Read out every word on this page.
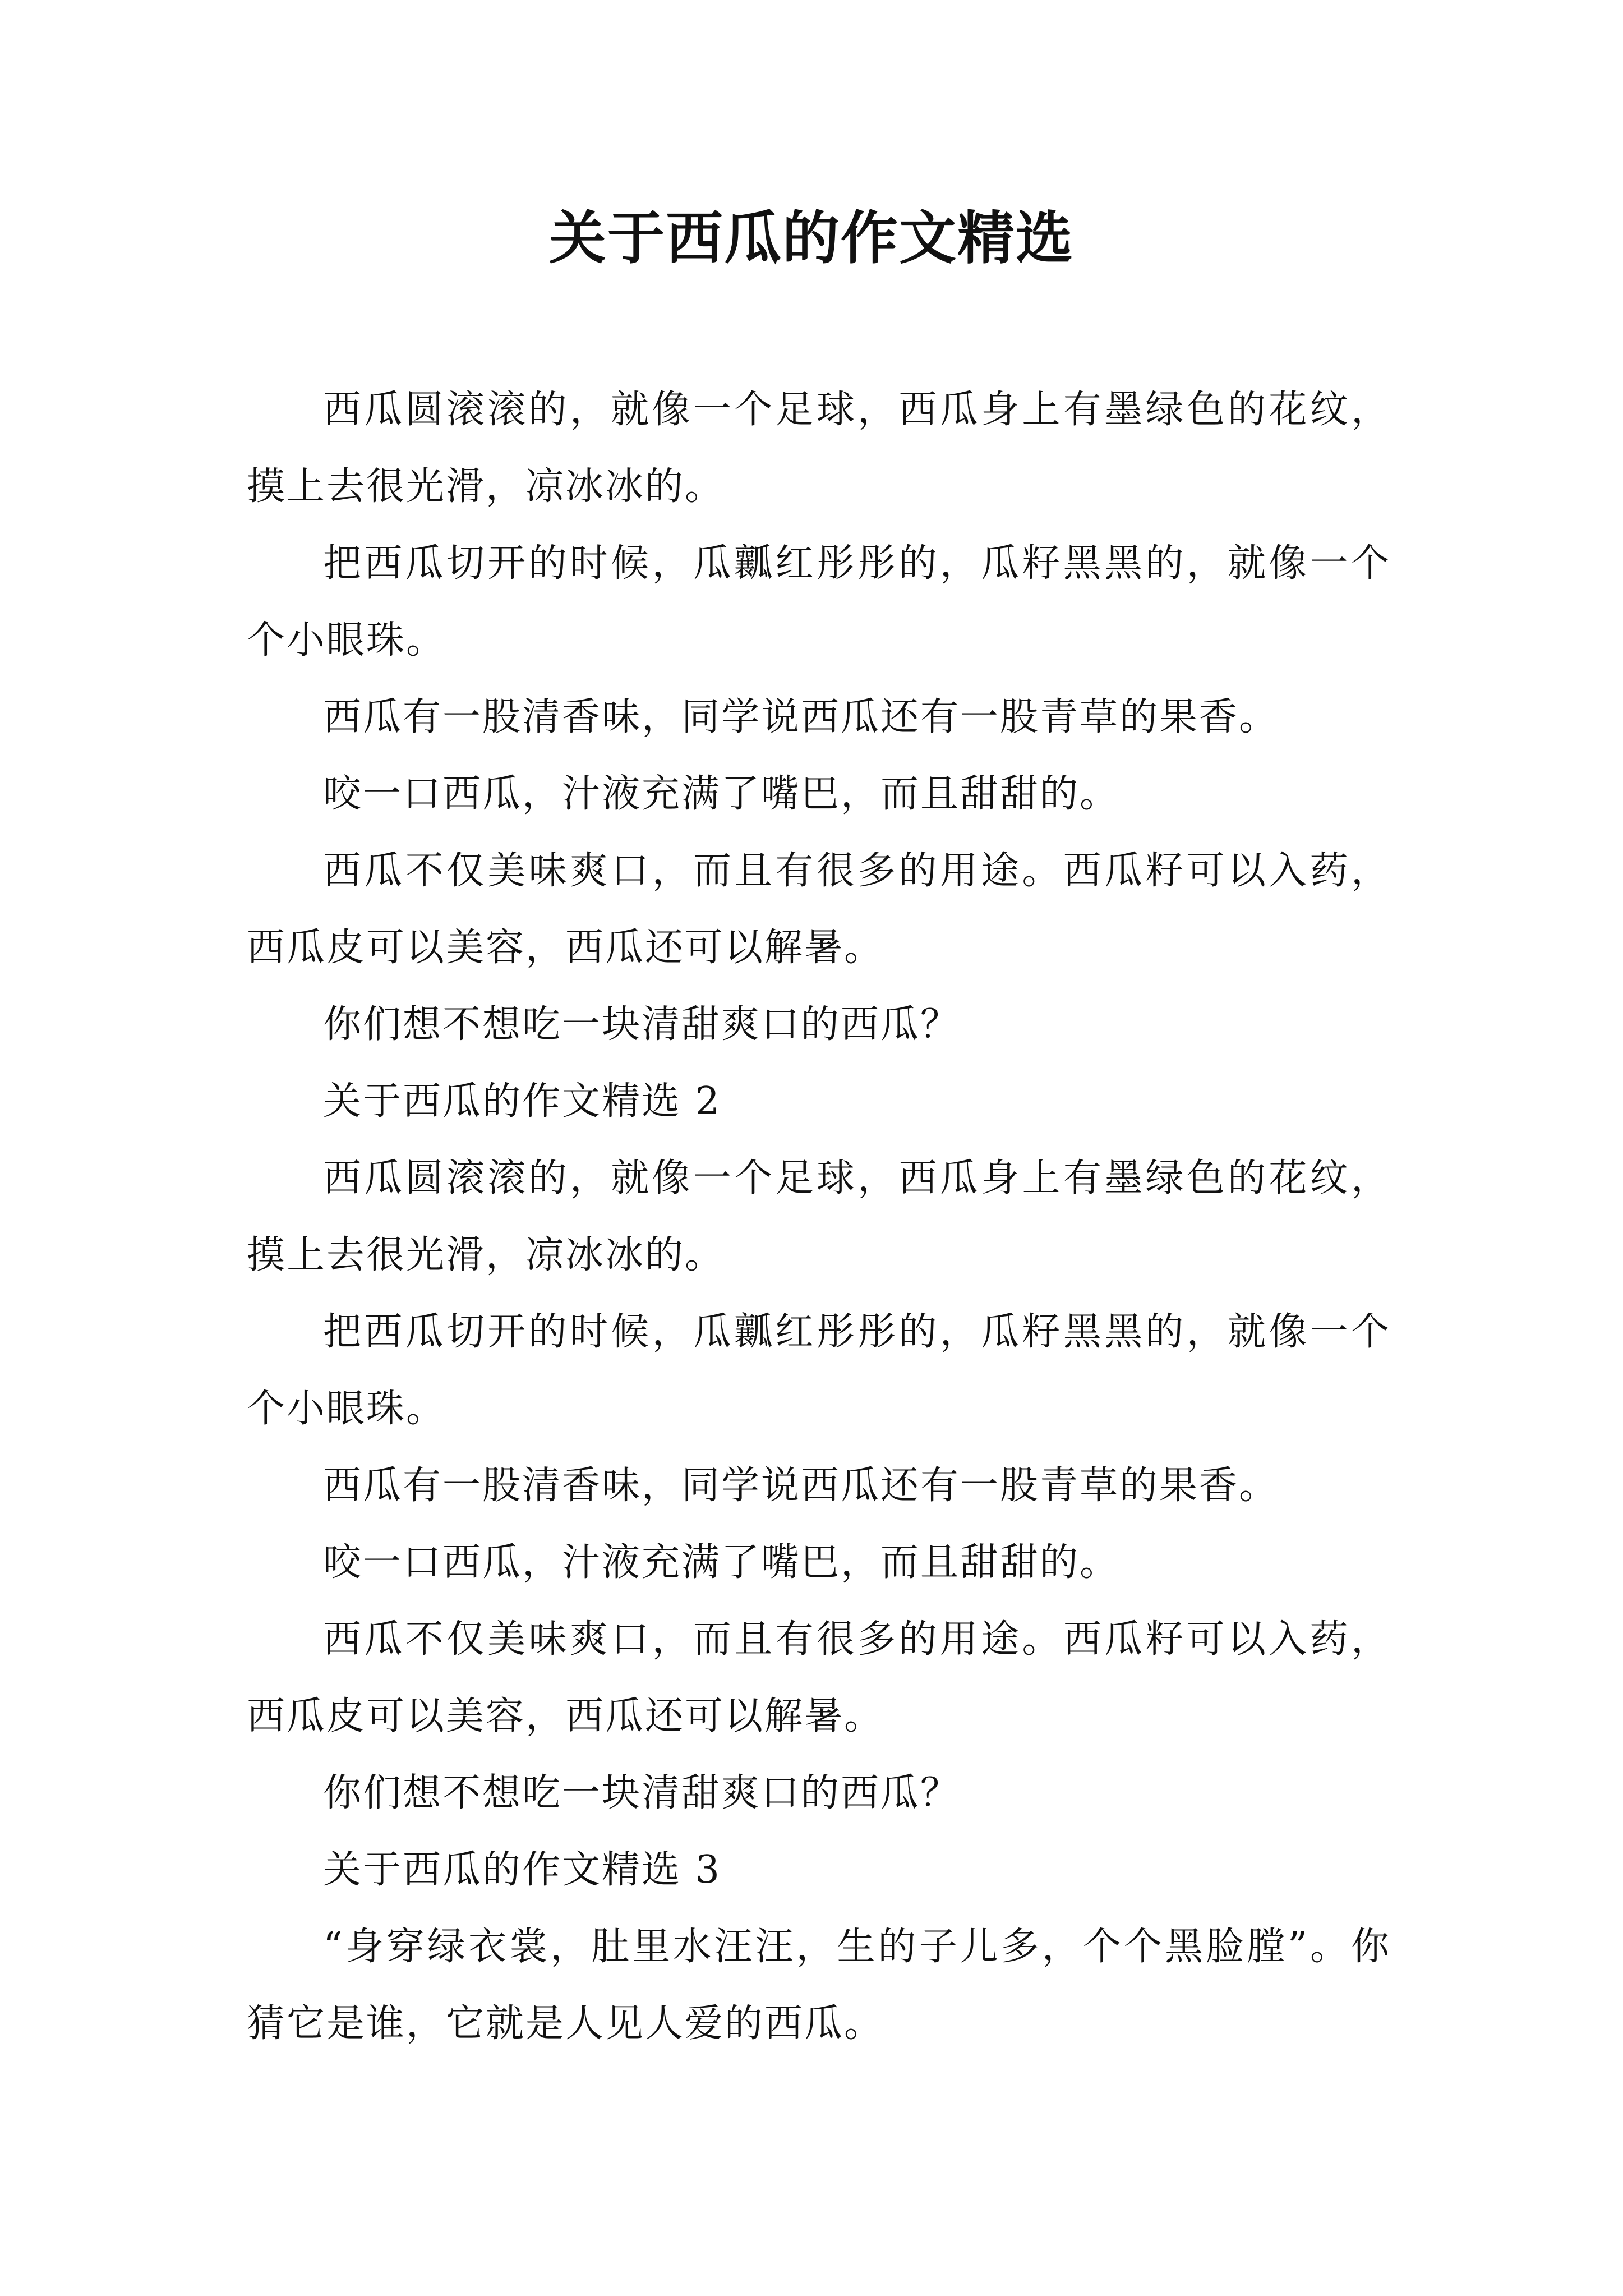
关于西瓜的作文精选

西瓜圆滚滚的，就像一个足球，西瓜身上有墨绿色的花纹，摸上去很光滑，凉冰冰的。

把西瓜切开的时候，瓜瓤红彤彤的，瓜籽黑黑的，就像一个个小眼珠。

西瓜有一股清香味，同学说西瓜还有一股青草的果香。

咬一口西瓜，汁液充满了嘴巴，而且甜甜的。

西瓜不仅美味爽口，而且有很多的用途。西瓜籽可以入药，西瓜皮可以美容，西瓜还可以解暑。

你们想不想吃一块清甜爽口的西瓜？

关于西瓜的作文精选 2

西瓜圆滚滚的，就像一个足球，西瓜身上有墨绿色的花纹，摸上去很光滑，凉冰冰的。

把西瓜切开的时候，瓜瓤红彤彤的，瓜籽黑黑的，就像一个个小眼珠。

西瓜有一股清香味，同学说西瓜还有一股青草的果香。

咬一口西瓜，汁液充满了嘴巴，而且甜甜的。

西瓜不仅美味爽口，而且有很多的用途。西瓜籽可以入药，西瓜皮可以美容，西瓜还可以解暑。

你们想不想吃一块清甜爽口的西瓜？

关于西瓜的作文精选 3

“身穿绿衣裳，肚里水汪汪，生的子儿多，个个黑脸膛”。你猜它是谁，它就是人见人爱的西瓜。
